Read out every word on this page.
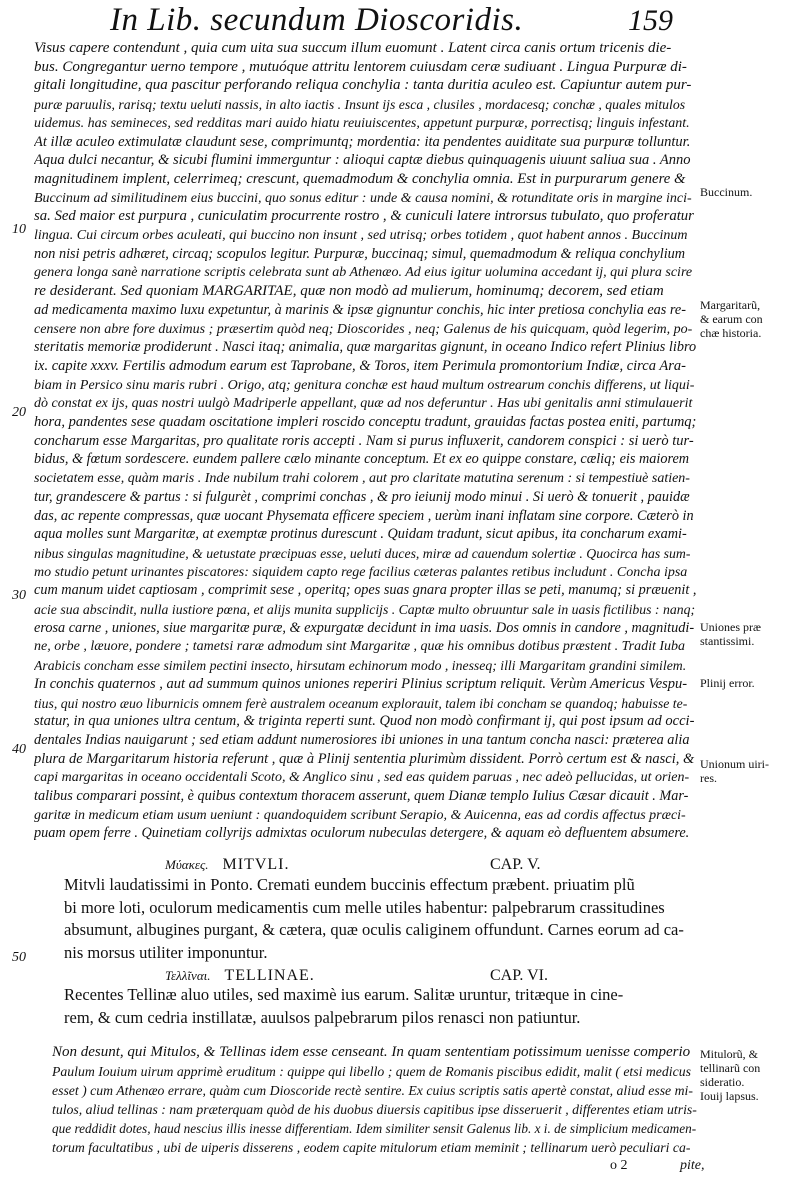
In Lib. secundum Dioscoridis.	159
Visus capere contendunt , quia cum uita sua succum illum euomunt . Latent circa canis ortum tricenis die-
bus. Congregantur uerno tempore , mutuóque attritu lentorem cuiusdam ceræ sudiuant . Lingua Purpuræ di-
gitali longitudine, qua pascitur perforando reliqua conchylia : tanta duritia aculeo est. Capiuntur autem pur-
puræ paruulis, rarisq; textu ueluti nassis, in alto iactis . Insunt ijs esca , clusiles , mordacesq; conchæ , quales mitulos
uidemus. has semineces, sed redditas mari auido hiatu reuiuiscentes, appetunt purpuræ, porrectisq; linguis infestant.
At illæ aculeo extimulatæ claudunt sese, comprimuntq; mordentia: ita pendentes auiditate sua purpuræ tolluntur.
Aqua dulci necantur, & sicubi flumini immerguntur : alioqui captæ diebus quinquagenis uiuunt saliua sua . Anno
magnitudinem implent, celerrimeq; crescunt, quemadmodum & conchylia omnia. Est in purpurarum genere &
Buccinum ad similitudinem eius buccini, quo sonus editur : unde & causa nomini, & rotunditate oris in margine inci-
sa. Sed maior est purpura , cuniculatim procurrente rostro , & cuniculi latere introrsus tubulato, quo proferatur
lingua. Cui circum orbes aculeati, qui buccino non insunt , sed utrisq; orbes totidem , quot habent annos . Buccinum
non nisi petris adhæret, circaq; scopulos legitur. Purpuræ, buccinaq; simul, quemadmodum & reliqua conchylium
genera longa sanè narratione scriptis celebrata sunt ab Athenæo. Ad eius igitur uolumina accedant ij, qui plura scire
re desiderant. Sed quoniam MARGARITAE, quæ non modò ad mulierum, hominumq; decorem, sed etiam
ad medicamenta maximo luxu expetuntur, à marinis & ipsæ gignuntur conchis, hic inter pretiosa conchylia eas re-
censere non abre fore duximus ; præsertim quòd neq; Dioscorides , neq; Galenus de his quicquam, quòd legerim, po-
steritatis memoriæ prodiderunt . Nasci itaq; animalia, quæ margaritas gignunt, in oceano Indico refert Plinius libro
ix. capite xxxv. Fertilis admodum earum est Taprobane, & Toros, item Perimula promontorium Indiæ, circa Ara-
biam in Persico sinu maris rubri . Origo, atq; genitura conchæ est haud multum ostrearum conchis differens, ut liqui-
dò constat ex ijs, quas nostri uulgò Madriperle appellant, quæ ad nos deferuntur . Has ubi genitalis anni stimulauerit
hora, pandentes sese quadam oscitatione impleri roscido conceptu tradunt, grauidas factas postea eniti, partumq;
concharum esse Margaritas, pro qualitate roris accepti . Nam si purus influxerit, candorem conspici : si uerò tur-
bidus, & fœtum sordescere. eundem pallere cælo minante conceptum. Et ex eo quippe constare, cæliq; eis maiorem
societatem esse, quàm maris . Inde nubilum trahi colorem , aut pro claritate matutina serenum : si tempestiuè satien-
tur, grandescere & partus : si fulgurèt , comprimi conchas , & pro ieiunij modo minui . Si uerò & tonuerit , pauidæ
das, ac repente compressas, quæ uocant Physemata efficere speciem , uerùm inani inflatam sine corpore. Cæterò in
aqua molles sunt Margaritæ, at exemptæ protinus durescunt . Quidam tradunt, sicut apibus, ita concharum exami-
nibus singulas magnitudine, & uetustate præcipuas esse, ueluti duces, miræ ad cauendum solertiæ . Quocirca has sum-
mo studio petunt urinantes piscatores: siquidem capto rege facilius cæteras palantes retibus includunt . Concha ipsa
cum manum uidet captiosam , comprimit sese , operitq; opes suas gnara propter illas se peti, manumq; si præuenit ,
acie sua abscindit, nulla iustiore pœna, et alijs munita supplicijs . Captæ multo obruuntur sale in uasis fictilibus : nanq;
erosa carne , uniones, siue margaritæ puræ, & expurgatæ decidunt in ima uasis. Dos omnis in candore , magnitudi-
ne, orbe , læuore, pondere ; tametsi raræ admodum sint Margaritæ , quæ his omnibus dotibus præstent . Tradit Iuba
Arabicis concham esse similem pectini insecto, hirsutam echinorum modo , inesseq; illi Margaritam grandini similem.
In conchis quaternos , aut ad summum quinos uniones reperiri Plinius scriptum reliquit. Verùm Americus Vespu-
tius, qui nostro æuo liburnicis omnem ferè australem oceanum explorauit, talem ibi concham se quandoq; habuisse te-
statur, in qua uniones ultra centum, & triginta reperti sunt. Quod non modò confirmant ij, qui post ipsum ad occi-
dentales Indias nauigarunt ; sed etiam addunt numerosiores ibi uniones in una tantum concha nasci: præterea alia
plura de Margaritarum historia referunt , quæ à Plinij sententia plurimùm dissident. Porrò certum est & nasci, &
capi margaritas in oceano occidentali Scoto, & Anglico sinu , sed eas quidem paruas , nec adeò pellucidas, ut orien-
talibus comparari possint, è quibus contextum thoracem asserunt, quem Dianæ templo Iulius Cæsar dicauit . Mar-
garitæ in medicum etiam usum ueniunt : quandoquidem scribunt Serapio, & Auicenna, eas ad cordis affectus præci-
puam opem ferre . Quinetiam collyrijs admixtas oculorum nubeculas detergere, & aquam eò defluentem absumere.
Mitvli laudatissimi in Ponto. Cremati eundem buccinis effectum præbent. priuatim plũ
bi more loti, oculorum medicamentis cum melle utiles habentur: palpebrarum crassitudines
absumunt, albugines purgant, & cætera, quæ oculis caliginem offundunt. Carnes eorum ad ca-
nis morsus utiliter imponuntur.
Recentes Tellinæ aluo utiles, sed maximè ius earum. Salitæ uruntur, tritæque in cine-
rem, & cum cedria instillatæ, auulsos palpebrarum pilos renasci non patiuntur.
Non desunt, qui Mitulos, & Tellinas idem esse censeant. In quam sententiam potissimum uenisse comperio
Paulum Iouium uirum apprimè eruditum : quippe qui libello ; quem de Romanis piscibus edidit, malit ( etsi medicus
esset ) cum Athenæo errare, quàm cum Dioscoride rectè sentire. Ex cuius scriptis satis apertè constat, aliud esse mi-
tulos, aliud tellinas : nam præterquam quòd de his duobus diuersis capitibus ipse disseruerit , differentes etiam utris-
que reddidit dotes, haud nescius illis inesse differentiam. Idem similiter sensit Galenus lib. x i. de simplicium medicamen-
torum facultatibus , ubi de uiperis disserens , eodem capite mitulorum etiam meminit ; tellinarum uerò peculiari ca-
10
20
30
40
50
Buccinum.
Margaritarũ,
& earum con
chæ historia.
Uniones præ
stantissimi.
Plinij error.
Unionum uiri-
res.
Μύακες. MITVLI.	CAP. V.
Τελλῖναι. TELLINAE.	CAP. VI.
Mitulorũ, &
tellinarũ con
sideratio.
Iouij lapsus.
o 2	pite,
